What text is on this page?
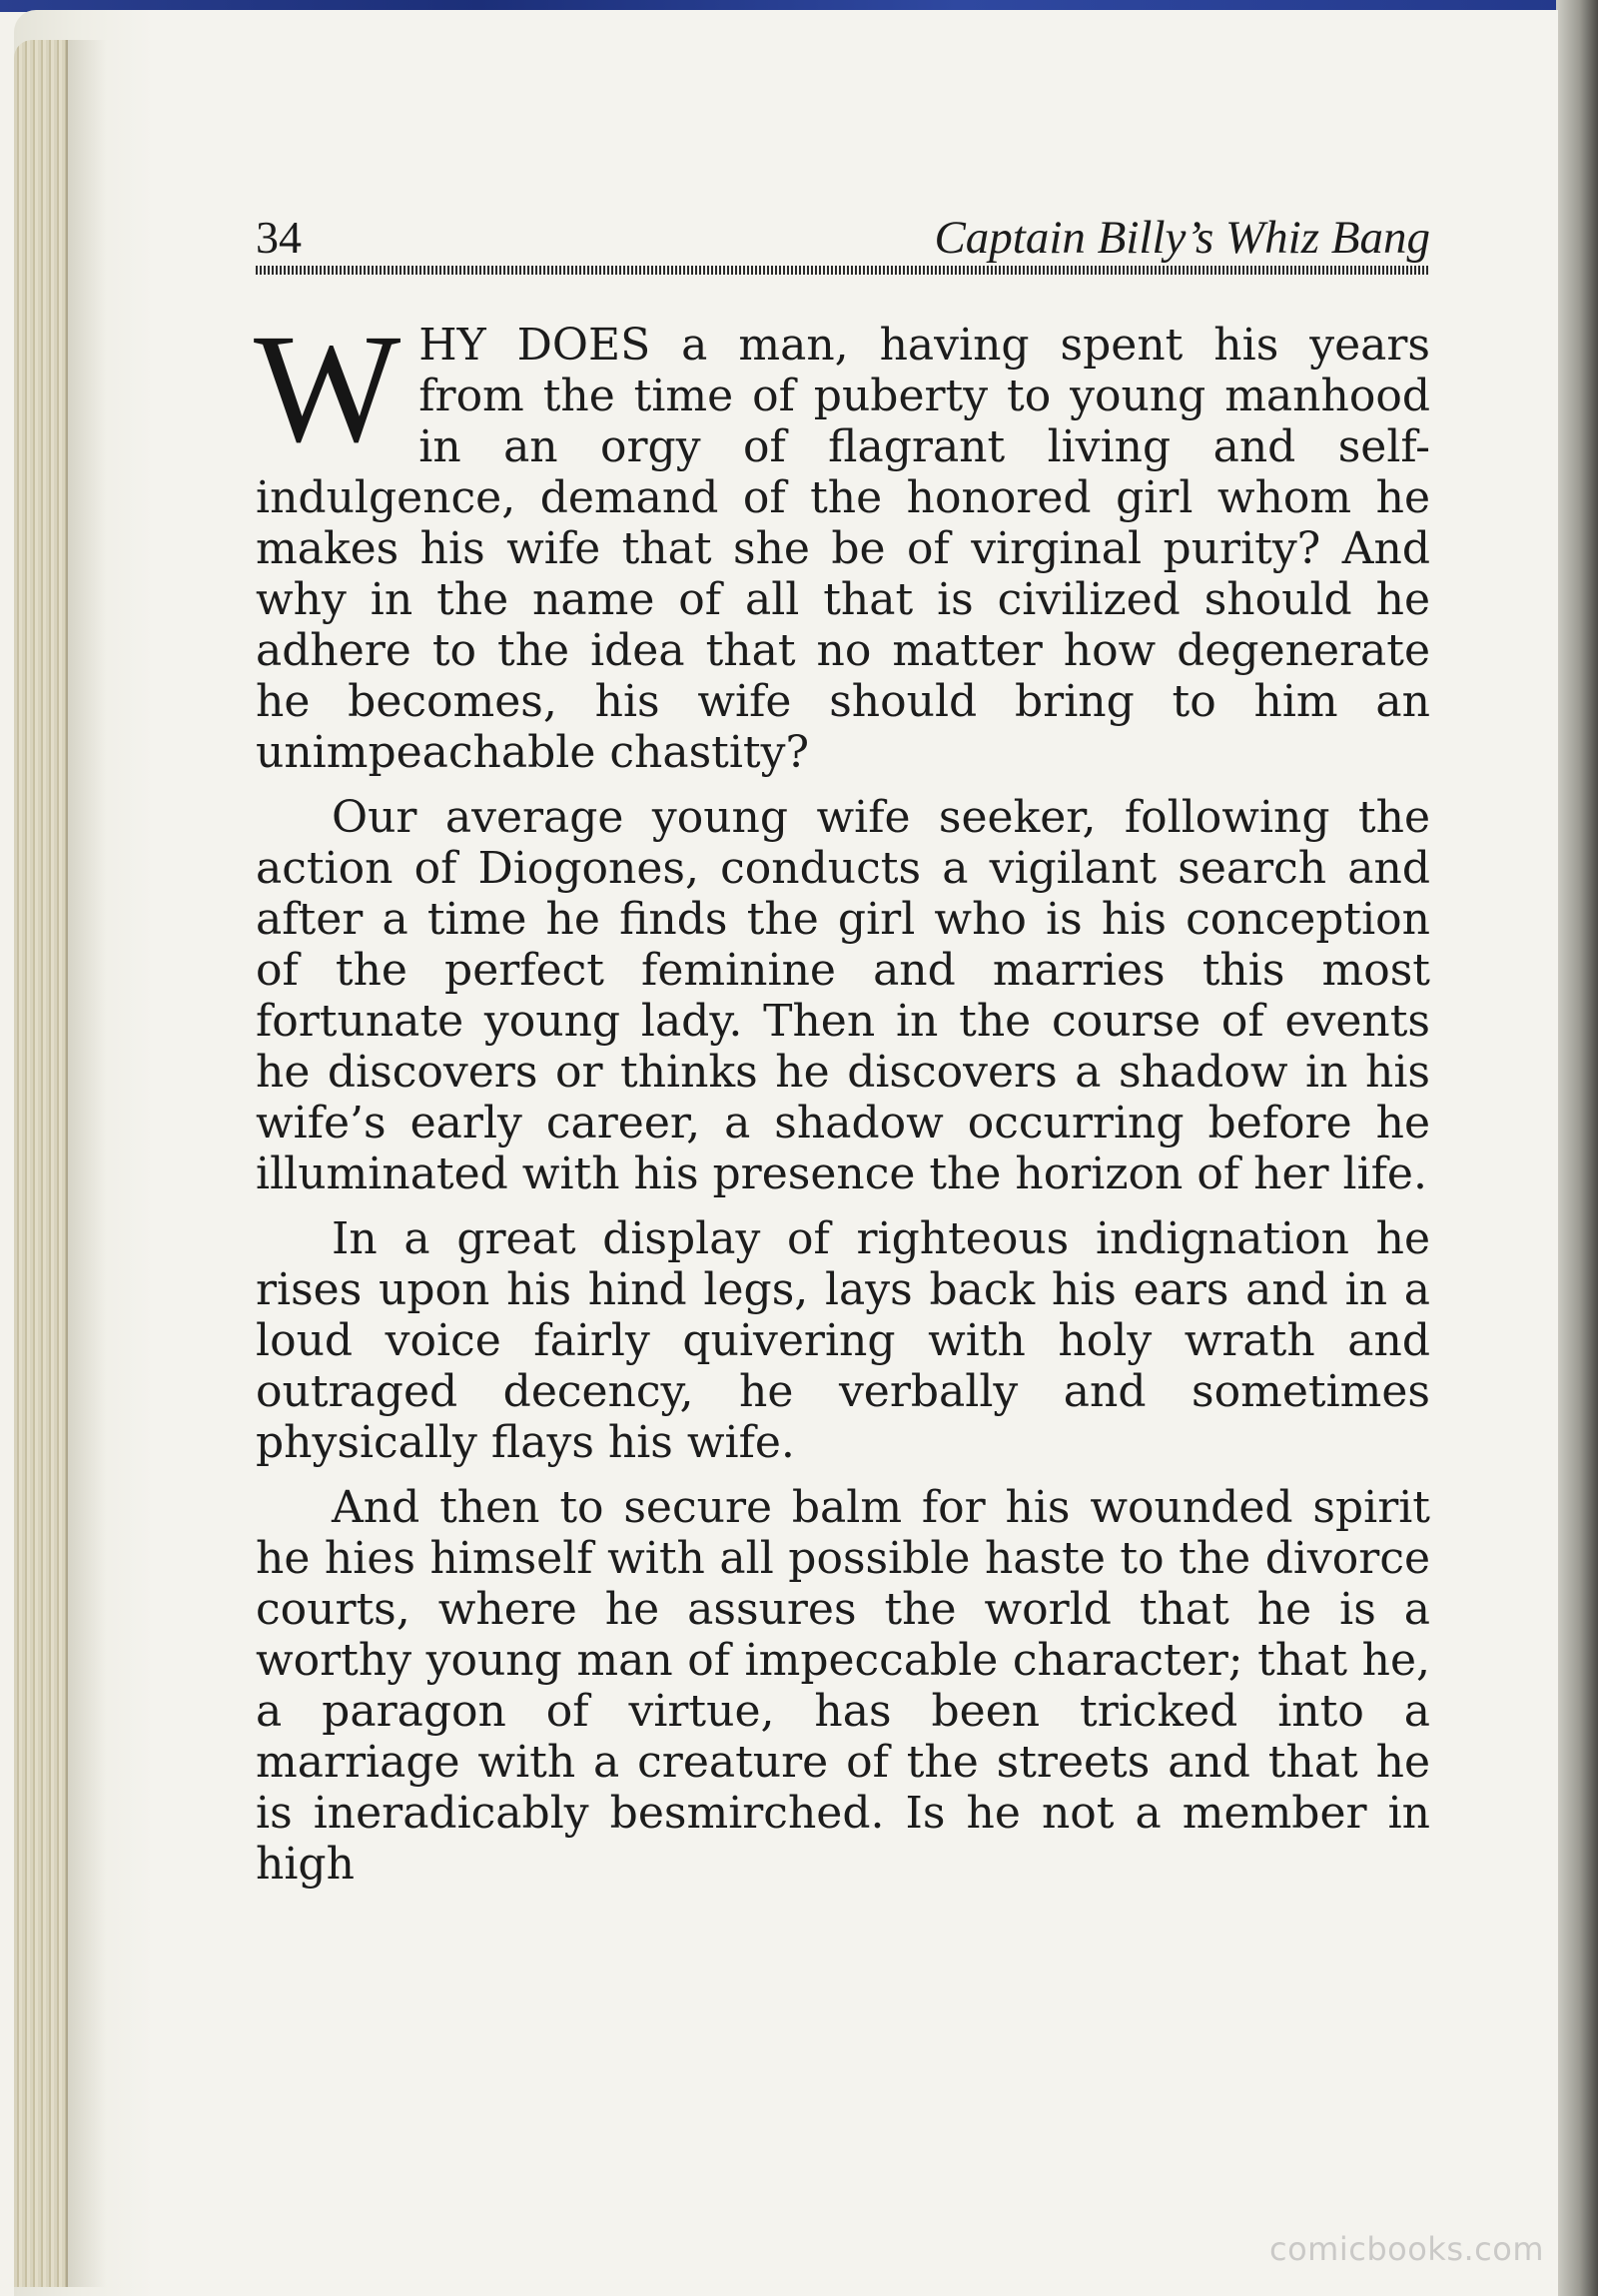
34	Captain Billy’s Whiz Bang

WHY DOES a man, having spent his years from the time of puberty to young manhood in an orgy of flagrant living and self-indulgence, demand of the honored girl whom he makes his wife that she be of virginal purity? And why in the name of all that is civilized should he adhere to the idea that no matter how degenerate he becomes, his wife should bring to him an unimpeachable chastity?

Our average young wife seeker, following the action of Diogones, conducts a vigilant search and after a time he finds the girl who is his conception of the perfect feminine and marries this most fortunate young lady. Then in the course of events he discovers or thinks he discovers a shadow in his wife’s early career, a shadow occurring before he illuminated with his presence the horizon of her life.

In a great display of righteous indignation he rises upon his hind legs, lays back his ears and in a loud voice fairly quivering with holy wrath and outraged decency, he verbally and sometimes physically flays his wife.

And then to secure balm for his wounded spirit he hies himself with all possible haste to the divorce courts, where he assures the world that he is a worthy young man of impeccable character; that he, a paragon of virtue, has been tricked into a marriage with a creature of the streets and that he is ineradicably besmirched. Is he not a member in high

comicbooks.com
